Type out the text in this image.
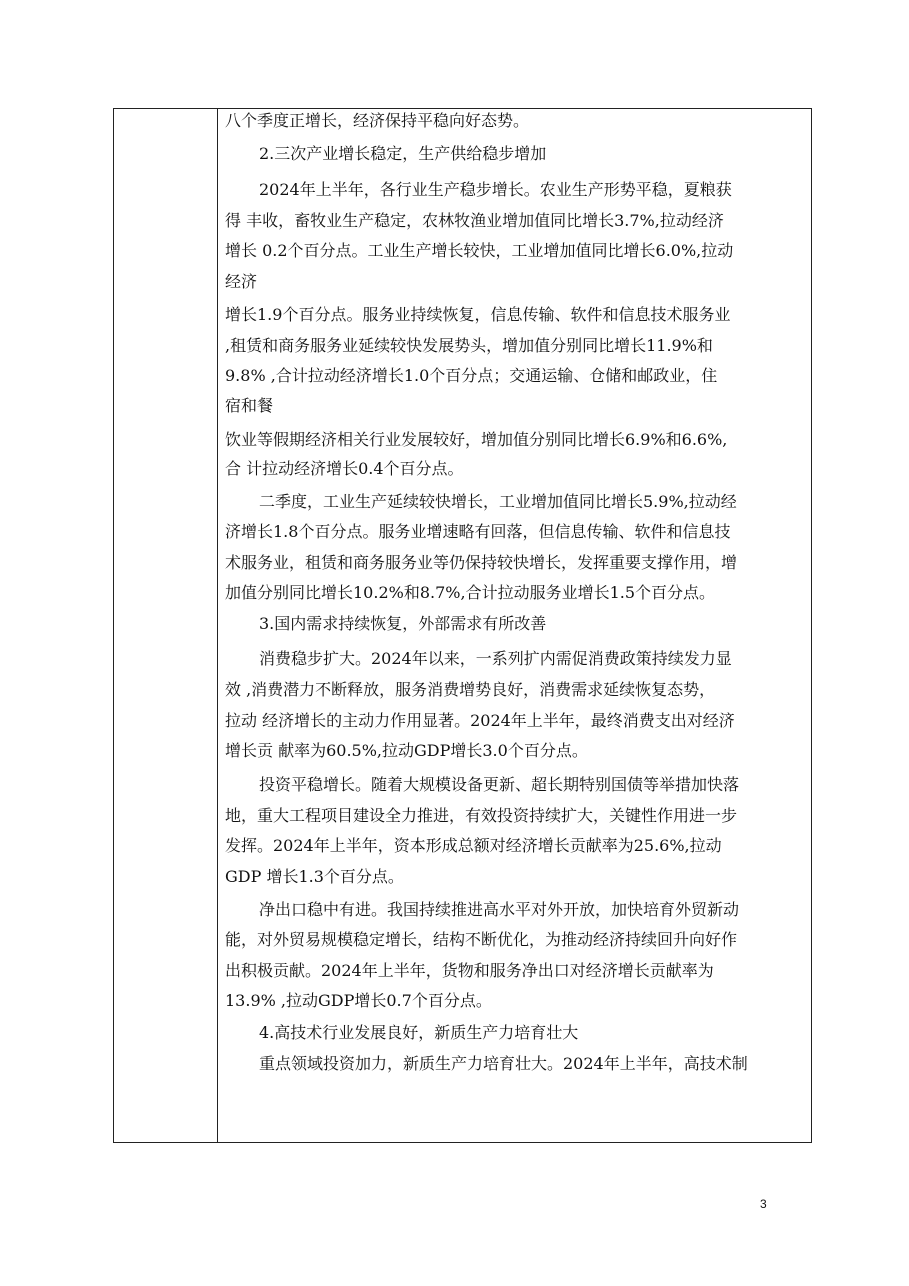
八个季度正增长，经济保持平稳向好态势。
2.三次产业增长稳定，生产供给稳步增加
2024年上半年，各行业生产稳步增长。农业生产形势平稳，夏粮获
得 丰收，畜牧业生产稳定，农林牧渔业增加值同比增长3.7%,拉动经济
增长 0.2个百分点。工业生产增长较快，工业增加值同比增长6.0%,拉动
经济
增长1.9个百分点。服务业持续恢复，信息传输、软件和信息技术服务业
,租赁和商务服务业延续较快发展势头，增加值分别同比增长11.9%和
9.8% ,合计拉动经济增长1.0个百分点；交通运输、仓储和邮政业，住
宿和餐
饮业等假期经济相关行业发展较好，增加值分别同比增长6.9%和6.6%,
合 计拉动经济增长0.4个百分点。
二季度，工业生产延续较快增长，工业增加值同比增长5.9%,拉动经
济增长1.8个百分点。服务业增速略有回落，但信息传输、软件和信息技
术服务业，租赁和商务服务业等仍保持较快增长，发挥重要支撑作用，增
加值分别同比增长10.2%和8.7%,合计拉动服务业增长1.5个百分点。
3.国内需求持续恢复，外部需求有所改善
消费稳步扩大。2024年以来，一系列扩内需促消费政策持续发力显
效 ,消费潜力不断释放，服务消费增势良好，消费需求延续恢复态势，
拉动 经济增长的主动力作用显著。2024年上半年，最终消费支出对经济
增长贡 献率为60.5%,拉动GDP增长3.0个百分点。
投资平稳增长。随着大规模设备更新、超长期特别国债等举措加快落
地，重大工程项目建设全力推进，有效投资持续扩大，关键性作用进一步
发挥。2024年上半年，资本形成总额对经济增长贡献率为25.6%,拉动
GDP 增长1.3个百分点。
净出口稳中有进。我国持续推进高水平对外开放，加快培育外贸新动
能，对外贸易规模稳定增长，结构不断优化，为推动经济持续回升向好作
出积极贡献。2024年上半年，货物和服务净出口对经济增长贡献率为
13.9% ,拉动GDP增长0.7个百分点。
4.高技术行业发展良好，新质生产力培育壮大
重点领域投资加力，新质生产力培育壮大。2024年上半年，高技术制
3
